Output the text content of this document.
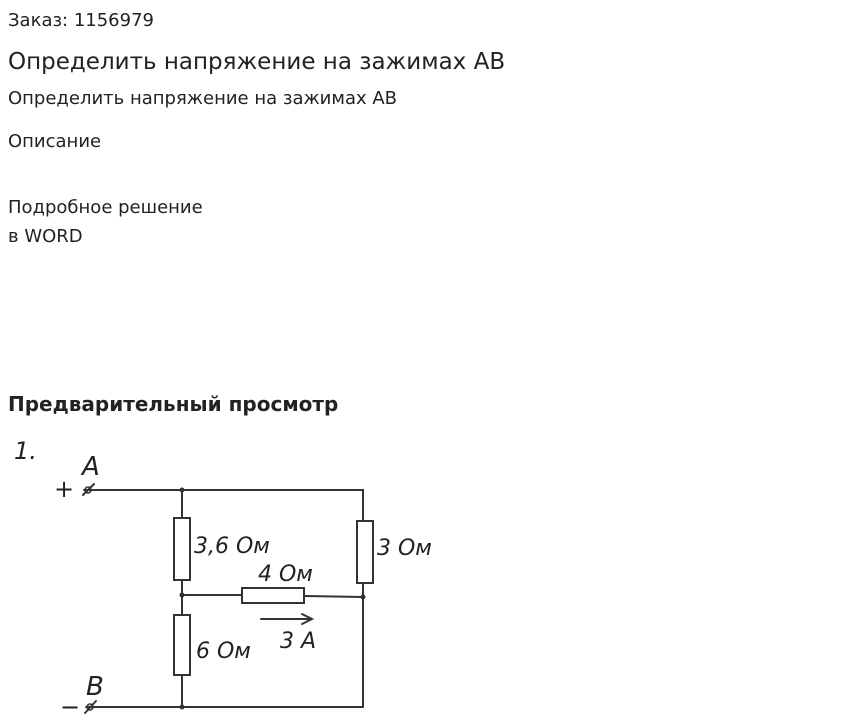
Заказ: 1156979
Определить напряжение на зажимах АВ
Определить напряжение на зажимах АВ
Описание
Подробное решение
в WORD
Предварительный просмотр
1.
A
+
3,6 Ом	3 Ом
4 Ом
6 Ом 3 А
B
−
